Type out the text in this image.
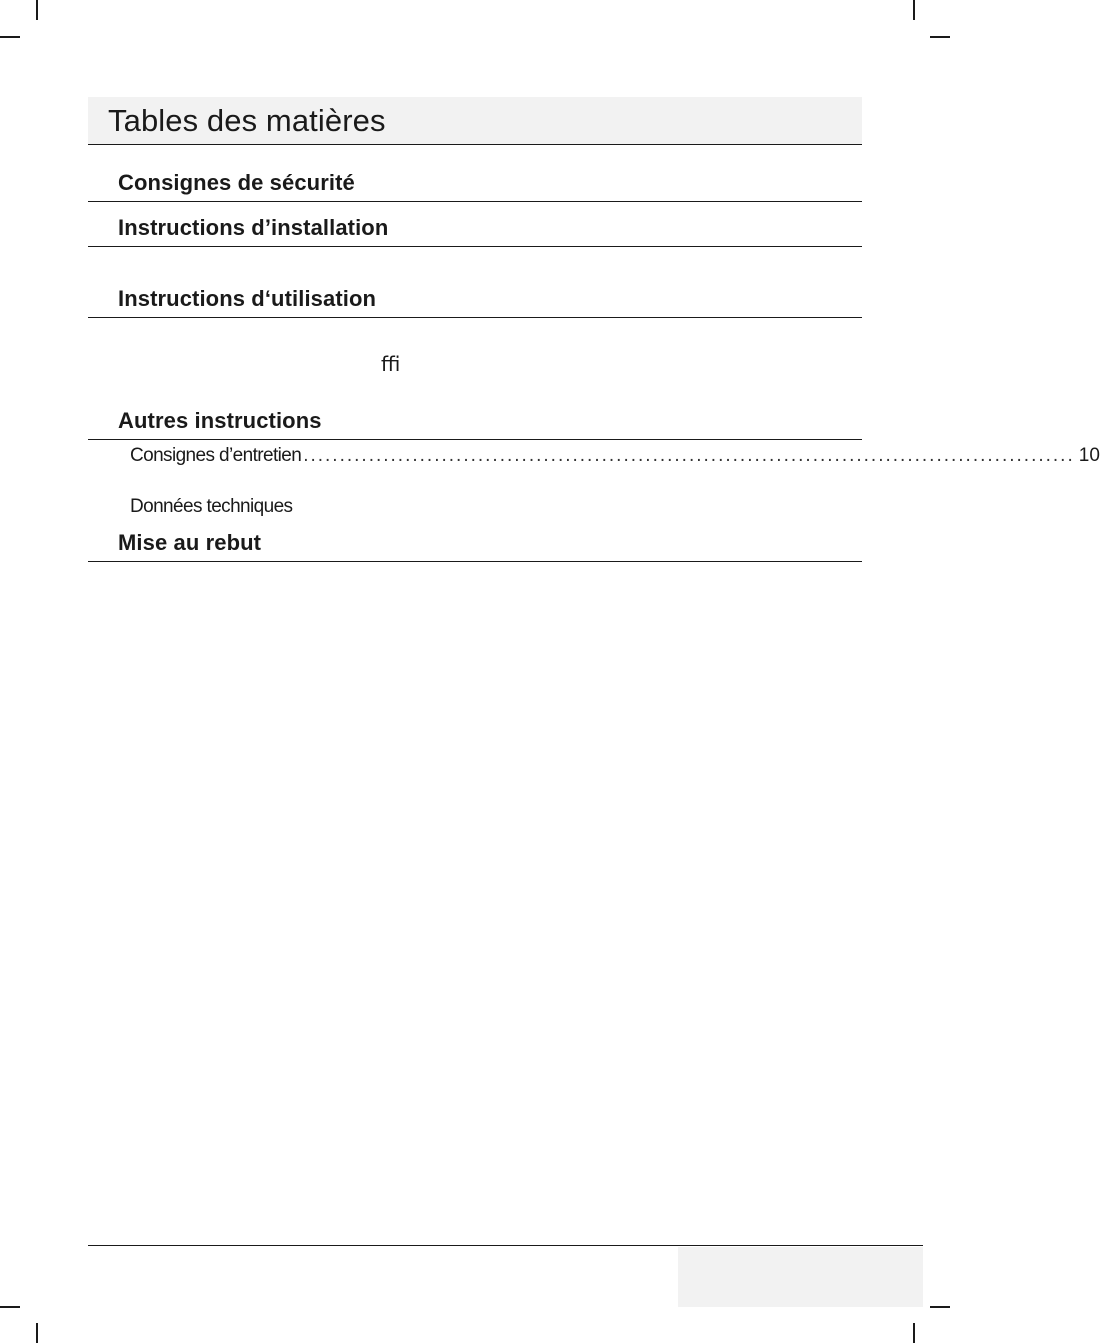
Tables des matières
Consignes de sécurité
Instructions d’installation
Instructions d‘utilisation
ﬃ
Autres instructions
Consignes d’entretien .......................................................................................................... 10
Données techniques
Mise au rebut
